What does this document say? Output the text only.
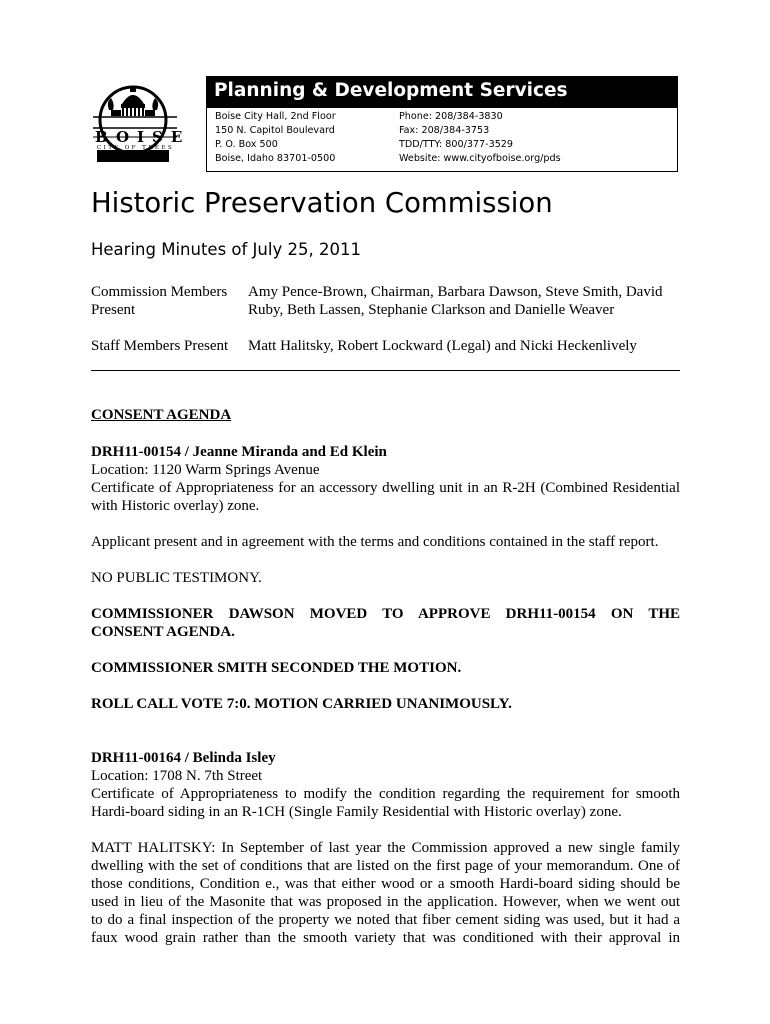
BOISE
CITY OF TREES
Planning & Development Services
Boise City Hall, 2nd Floor
150 N. Capitol Boulevard
P. O. Box 500
Boise, Idaho 83701-0500
Phone: 208/384-3830
Fax: 208/384-3753
TDD/TTY: 800/377-3529
Website: www.cityofboise.org/pds
Historic Preservation Commission
Hearing Minutes of July 25, 2011
Commission Members
Present
Amy Pence-Brown, Chairman, Barbara Dawson, Steve Smith, David
Ruby, Beth Lassen, Stephanie Clarkson and Danielle Weaver
Staff Members Present Matt Halitsky, Robert Lockward (Legal) and Nicki Heckenlively
CONSENT AGENDA
DRH11-00154 / Jeanne Miranda and Ed Klein
Location: 1120 Warm Springs Avenue
Certificate of Appropriateness for an accessory dwelling unit in an R-2H (Combined Residential
with Historic overlay) zone.
Applicant present and in agreement with the terms and conditions contained in the staff report.
NO PUBLIC TESTIMONY.
COMMISSIONER DAWSON MOVED TO APPROVE DRH11-00154 ON THE
CONSENT AGENDA.
COMMISSIONER SMITH SECONDED THE MOTION.
ROLL CALL VOTE 7:0. MOTION CARRIED UNANIMOUSLY.
DRH11-00164 / Belinda Isley
Location: 1708 N. 7th Street
Certificate of Appropriateness to modify the condition regarding the requirement for smooth
Hardi-board siding in an R-1CH (Single Family Residential with Historic overlay) zone.
MATT HALITSKY: In September of last year the Commission approved a new single family
dwelling with the set of conditions that are listed on the first page of your memorandum. One of
those conditions, Condition e., was that either wood or a smooth Hardi-board siding should be
used in lieu of the Masonite that was proposed in the application. However, when we went out
to do a final inspection of the property we noted that fiber cement siding was used, but it had a
faux wood grain rather than the smooth variety that was conditioned with their approval in
